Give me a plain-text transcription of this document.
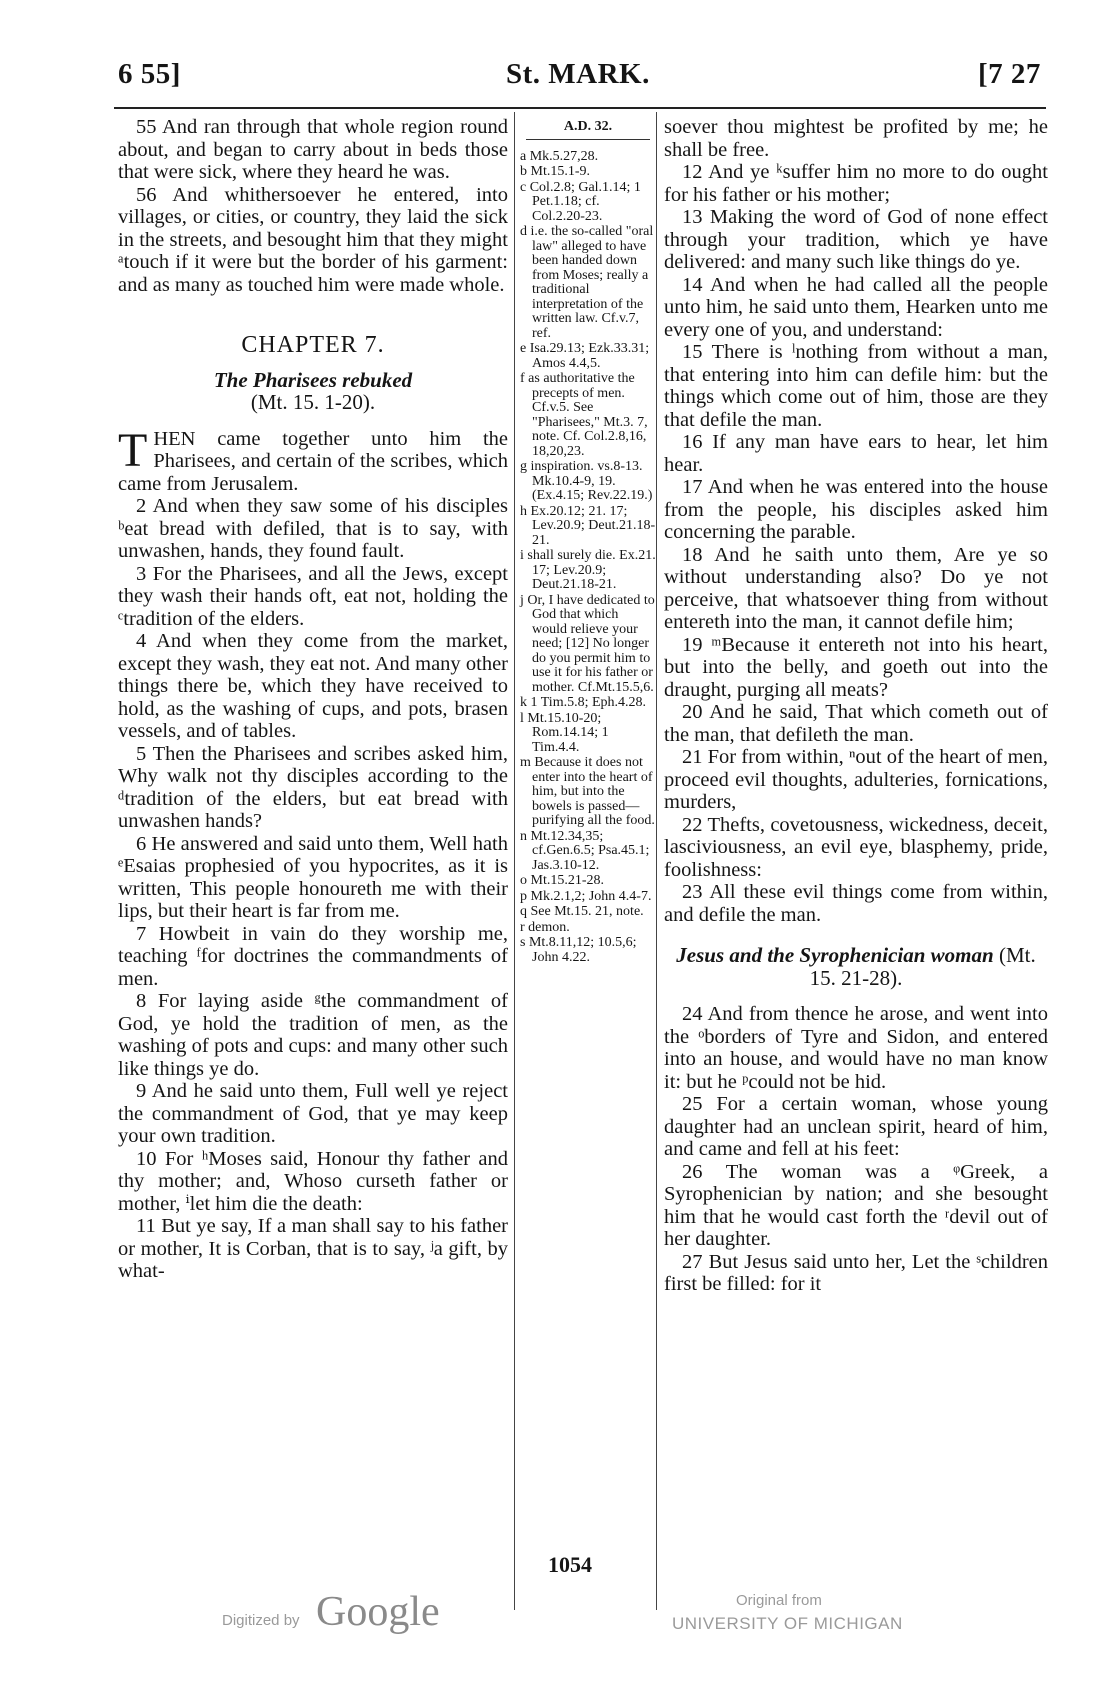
6 55]	St. MARK.	[7 27

55 And ran through that whole region round about, and began to carry about in beds those that were sick, where they heard he was.

56 And whithersoever he entered, into villages, or cities, or country, they laid the sick in the streets, and besought him that they might ᵃtouch if it were but the border of his garment: and as many as touched him were made whole.

CHAPTER 7.
The Pharisees rebuked
(Mt. 15. 1-20).

THEN came together unto him the Pharisees, and certain of the scribes, which came from Jerusalem.

2 And when they saw some of his disciples ᵇeat bread with defiled, that is to say, with unwashen, hands, they found fault.

3 For the Pharisees, and all the Jews, except they wash their hands oft, eat not, holding the ᶜtradition of the elders.

4 And when they come from the market, except they wash, they eat not. And many other things there be, which they have received to hold, as the washing of cups, and pots, brasen vessels, and of tables.

5 Then the Pharisees and scribes asked him, Why walk not thy disciples according to the ᵈtradition of the elders, but eat bread with unwashen hands?

6 He answered and said unto them, Well hath ᵉEsaias prophesied of you hypocrites, as it is written, This people honoureth me with their lips, but their heart is far from me.

7 Howbeit in vain do they worship me, teaching ᶠfor doctrines the commandments of men.

8 For laying aside ᵍthe commandment of God, ye hold the tradition of men, as the washing of pots and cups: and many other such like things ye do.

9 And he said unto them, Full well ye reject the commandment of God, that ye may keep your own tradition.

10 For ʰMoses said, Honour thy father and thy mother; and, Whoso curseth father or mother, ⁱlet him die the death:

11 But ye say, If a man shall say to his father or mother, It is Corban, that is to say, ʲa gift, by what-

A.D. 32.
a Mk.5.27,28.
b Mt.15.1-9.
c Col.2.8; Gal.1.14; 1 Pet.1.18; cf. Col.2.20-23.
d i.e. the so-called "oral law" alleged to have been handed down from Moses; really a traditional interpretation of the written law. Cf.v.7, ref.
e Isa.29.13; Ezk.33.31; Amos 4.4,5.
f as authoritative the precepts of men. Cf.v.5. See "Pharisees," Mt.3. 7, note. Cf. Col.2.8,16, 18,20,23.
g inspiration. vs.8-13. Mk.10.4-9, 19. (Ex.4.15; Rev.22.19.)
h Ex.20.12; 21. 17; Lev.20.9; Deut.21.18-21.
i shall surely die. Ex.21. 17; Lev.20.9; Deut.21.18-21.
j Or, I have dedicated to God that which would relieve your need; [12] No longer do you permit him to use it for his father or mother. Cf.Mt.15.5,6.
k 1 Tim.5.8; Eph.4.28.
l Mt.15.10-20; Rom.14.14; 1 Tim.4.4.
m Because it does not enter into the heart of him, but into the bowels is passed—purifying all the food.
n Mt.12.34,35; cf.Gen.6.5; Psa.45.1; Jas.3.10-12.
o Mt.15.21-28.
p Mk.2.1,2; John 4.4-7.
q See Mt.15. 21, note.
r demon.
s Mt.8.11,12; 10.5,6; John 4.22.

soever thou mightest be profited by me; he shall be free.

12 And ye ᵏsuffer him no more to do ought for his father or his mother;

13 Making the word of God of none effect through your tradition, which ye have delivered: and many such like things do ye.

14 And when he had called all the people unto him, he said unto them, Hearken unto me every one of you, and understand:

15 There is ˡnothing from without a man, that entering into him can defile him: but the things which come out of him, those are they that defile the man.

16 If any man have ears to hear, let him hear.

17 And when he was entered into the house from the people, his disciples asked him concerning the parable.

18 And he saith unto them, Are ye so without understanding also? Do ye not perceive, that whatsoever thing from without entereth into the man, it cannot defile him;

19 ᵐBecause it entereth not into his heart, but into the belly, and goeth out into the draught, purging all meats?

20 And he said, That which cometh out of the man, that defileth the man.

21 For from within, ⁿout of the heart of men, proceed evil thoughts, adulteries, fornications, murders,

22 Thefts, covetousness, wickedness, deceit, lasciviousness, an evil eye, blasphemy, pride, foolishness:

23 All these evil things come from within, and defile the man.

Jesus and the Syrophenician woman (Mt. 15. 21-28).

24 And from thence he arose, and went into the ᵒborders of Tyre and Sidon, and entered into an house, and would have no man know it: but he ᵖcould not be hid.

25 For a certain woman, whose young daughter had an unclean spirit, heard of him, and came and fell at his feet:

26 The woman was a ᵠGreek, a Syrophenician by nation; and she besought him that he would cast forth the ʳdevil out of her daughter.

27 But Jesus said unto her, Let the ˢchildren first be filled: for it

1054
Digitized by Google	Original from
UNIVERSITY OF MICHIGAN
